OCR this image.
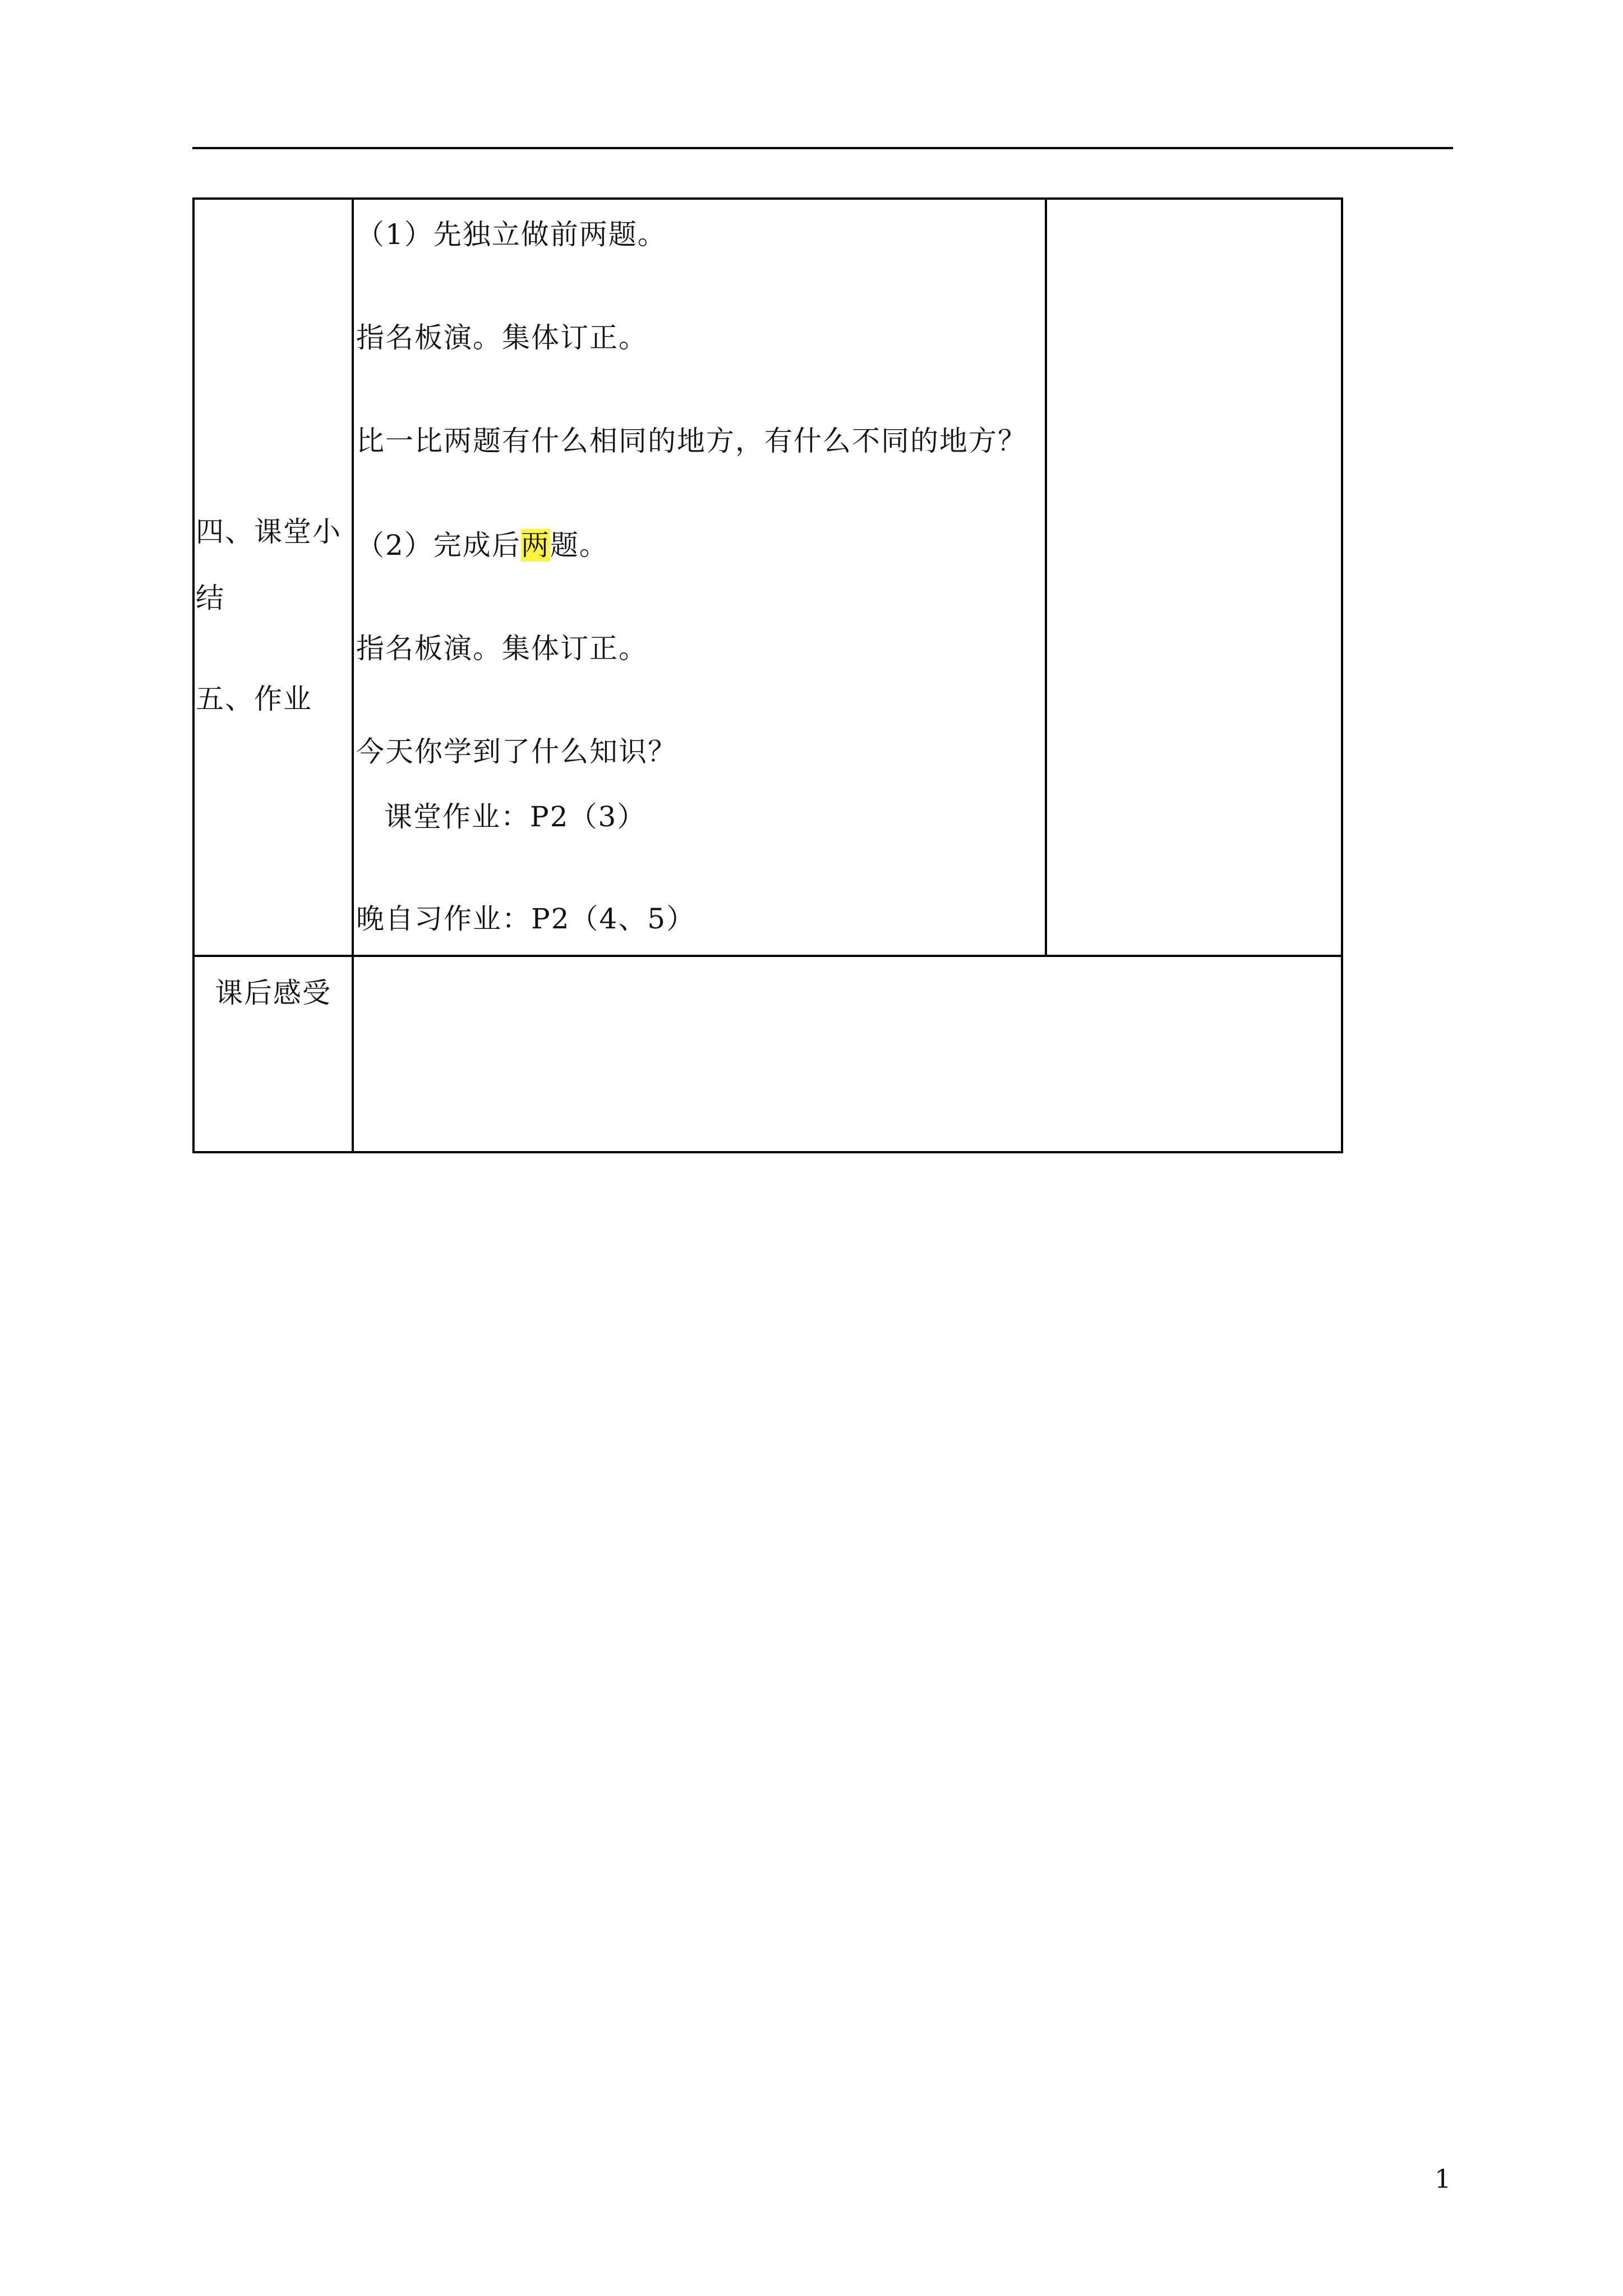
四、课堂小
结
五、作业
（1）先独立做前两题。
指名板演。集体订正。
比一比两题有什么相同的地方，有什么不同的地方？
（2）完成后两题。
指名板演。集体订正。
今天你学到了什么知识？
课堂作业：P2（3）
晚自习作业：P2（4、5）
课后感受
1
